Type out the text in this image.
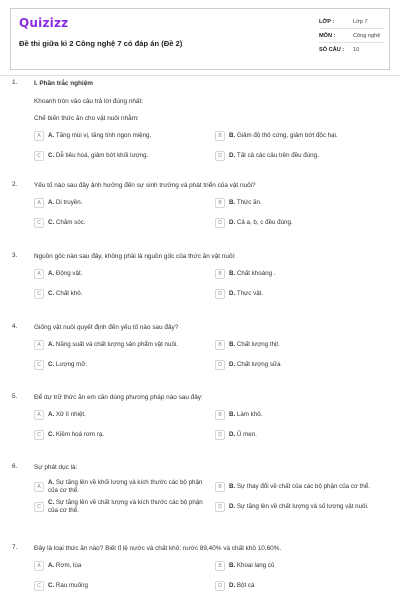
Quizizz
Đề thi giữa kì 2 Công nghệ 7 có đáp án (Đề 2)
LỚP :	Lớp 7
MÔN :	Công nghệ
SỐ CÂU :	10
1.	I. Phần trắc nghiệm
Khoanh tròn vào câu trả lời đúng nhất:
Chế biến thức ăn cho vật nuôi nhằm:
A	A. Tăng mùi vị, tăng tính ngon miệng.	B	B. Giảm độ thô cứng, giảm bớt độc hại.
C	C. Dễ tiêu hoá, giảm bớt khối lượng.	D	D. Tất cả các câu trên đều đúng.
2.	Yếu tố nào sau đây ảnh hưởng đến sự sinh trưởng và phát triển của vật nuôi?
A	A. Di truyền.	B	B. Thức ăn.
C	C. Chăm sóc.	D	D. Cả a, b, c đều đúng.
3.	Nguồn gốc nào sau đây, không phải là nguồn gốc của thức ăn vật nuôi:
A	A. Động vật.	B	B. Chất khoáng .
C	C. Chất khô.	D	D. Thực vật.
4.	Giống vật nuôi quyết định đến yếu tố nào sau đây?
A	A. Năng suất và chất lượng sản phẩm vật nuôi.	B	B. Chất lượng thịt.
C	C. Lượng mỡ.	D	D. Chất lượng sữa
5.	Để dự trữ thức ăn em cần dùng phương pháp nào sau đây:
A	A. Xử lí nhiệt.	B	B. Làm khô.
C	C. Kiềm hoá rơm rạ.	D	D. Ủ men.
6.	Sự phát dục là:
A
A. Sự tăng lên về khối lượng và kích thước các bộ phận của cơ thể.	B	B. Sự thay đổi về chất của các bộ phận của cơ thể.
C
C. Sự tăng lên về chất lượng và kích thước các bộ phận của cơ thể.	D	D. Sự tăng lên về chất lượng và số lượng vật nuôi.
7.	Đây là loại thức ăn nào? Biết tỉ lệ nước và chất khô: nước 89,40% và chất khô 10,60%.
A	A. Rơm, lúa	B	B. Khoai lang củ
C	C. Rau muống	D	D. Bột cá
